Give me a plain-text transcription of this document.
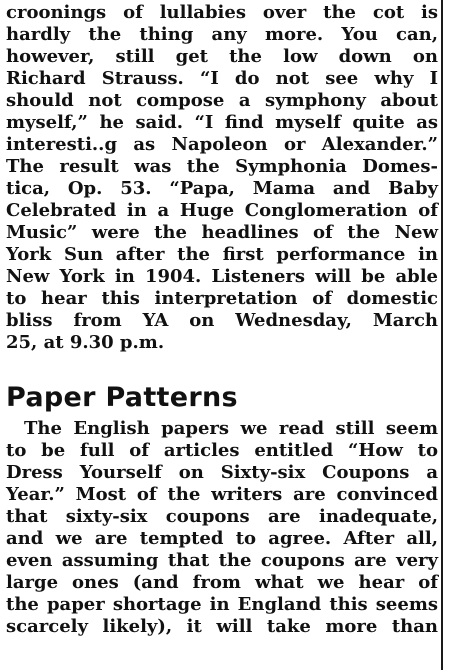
croonings of lullabies over the cot is

hardly the thing any more. You can,

however, still get the low down on

Richard Strauss. “I do not see why I

should not compose a symphony about

myself,” he said. “I find myself quite as

interesti..g as Napoleon or Alexander.”

The result was the Symphonia Domes-

tica, Op. 53. “Papa, Mama and Baby

Celebrated in a Huge Conglomeration of

Music” were the headlines of the New

York Sun after the first performance in

New York in 1904. Listeners will be able

to hear this interpretation of domestic

bliss from YA on Wednesday, March

25, at 9.30 p.m.

Paper Patterns

The English papers we read still seem

to be full of articles entitled “How to

Dress Yourself on Sixty-six Coupons a

Year.” Most of the writers are convinced

that sixty-six coupons are inadequate,

and we are tempted to agree. After all,

even assuming that the coupons are very

large ones (and from what we hear of

the paper shortage in England this seems

scarcely likely), it will take more than
